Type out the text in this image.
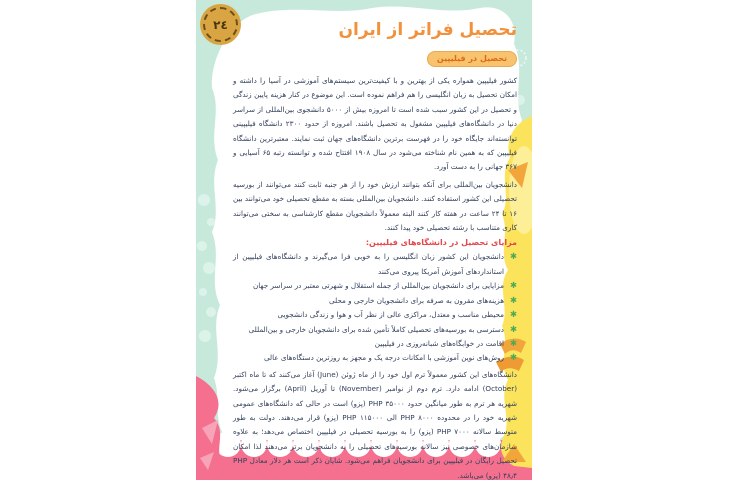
۲٤	تحصیل فراتر از ایران
تحصیل در فیلیپین

کشور فیلیپین همواره یکی از بهترین و با کیفیت‌ترین سیستم‌های آموزشی در آسیا را داشته و امکان تحصیل به زبان انگلیسی را هم فراهم نموده است. این موضوع در کنار هزینه پایین زندگی و تحصیل در این کشور سبب شده است تا امروزه بیش از ۵۰۰۰ دانشجوی بین‌المللی از سراسر دنیا در دانشگاه‌های فیلیپین مشغول به تحصیل باشند. امروزه از حدود ۲۳۰۰ دانشگاه فیلیپینی توانسته‌اند جایگاه خود را در فهرست برترین دانشگاه‌های جهان ثبت نمایند. معتبرترین دانشگاه فیلیپین که به همین نام شناخته می‌شود در سال ۱۹۰۸ افتتاح شده و توانسته رتبه ۶۵ آسیایی و ۳۶۷ جهانی را به دست آورد.

دانشجویان بین‌المللی برای آنکه بتوانند ارزش خود را از هر جنبه ثابت کنند می‌توانند از بورسیه تحصیلی این کشور استفاده کنند. دانشجویان بین‌المللی بسته به مقطع تحصیلی خود می‌توانند بین ۱۶ تا ۲۴ ساعت در هفته کار کنند البته معمولاً دانشجویان مقطع کارشناسی به سختی می‌توانند کاری متناسب با رشته تحصیلی خود پیدا کنند.

مزایای تحصیل در دانشگاه‌های فیلیپین:
✱
دانشجویان این کشور زبان انگلیسی را به خوبی فرا می‌گیرند و دانشگاه‌های فیلیپین از استانداردهای آموزش آمریکا پیروی می‌کنند
✱
مزایایی برای دانشجویان بین‌المللی از جمله استقلال و شهرتی معتبر در سراسر جهان
✱
هزینه‌های مقرون به صرفه برای دانشجویان خارجی و محلی
✱
محیطی مناسب و معتدل، مراکزی عالی از نظر آب و هوا و زندگی دانشجویی
✱
دسترسی به بورسیه‌های تحصیلی کاملاً تأمین شده برای دانشجویان خارجی و بین‌المللی
✱
اقامت در خوابگاه‌های شبانه‌روزی در فیلیپین
✱
روش‌های نوین آموزشی با امکانات درجه یک و مجهز به روزترین دستگاه‌های عالی

دانشگاه‌های این کشور معمولاً ترم اول خود را از ماه ژوئن (June) آغاز می‌کنند که تا ماه اکتبر (October) ادامه دارد. ترم دوم از نوامبر (November) تا آوریل (April) برگزار می‌شود. شهریه هر ترم به طور میانگین حدود PHP ۳۵۰۰۰ (پزو) است در حالی که دانشگاه‌های عمومی شهریه خود را در محدوده PHP ۸۰۰۰ الی PHP ۱۱۵۰۰۰ (پزو) قرار می‌دهند. دولت به طور متوسط سالانه PHP ۷۰۰۰ (پزو) را به بورسیه تحصیلی در فیلیپین اختصاص می‌دهد؛ به علاوه سازمان‌های خصوصی نیز سالانه بورسیه‌های تحصیلی را به دانشجویان برتر می‌دهند لذا امکان تحصیل رایگان در فیلیپین برای دانشجویان فراهم می‌شود. شایان ذکر است هر دلار معادل PHP ۴۸٫۴ (پزو) می‌باشد.
